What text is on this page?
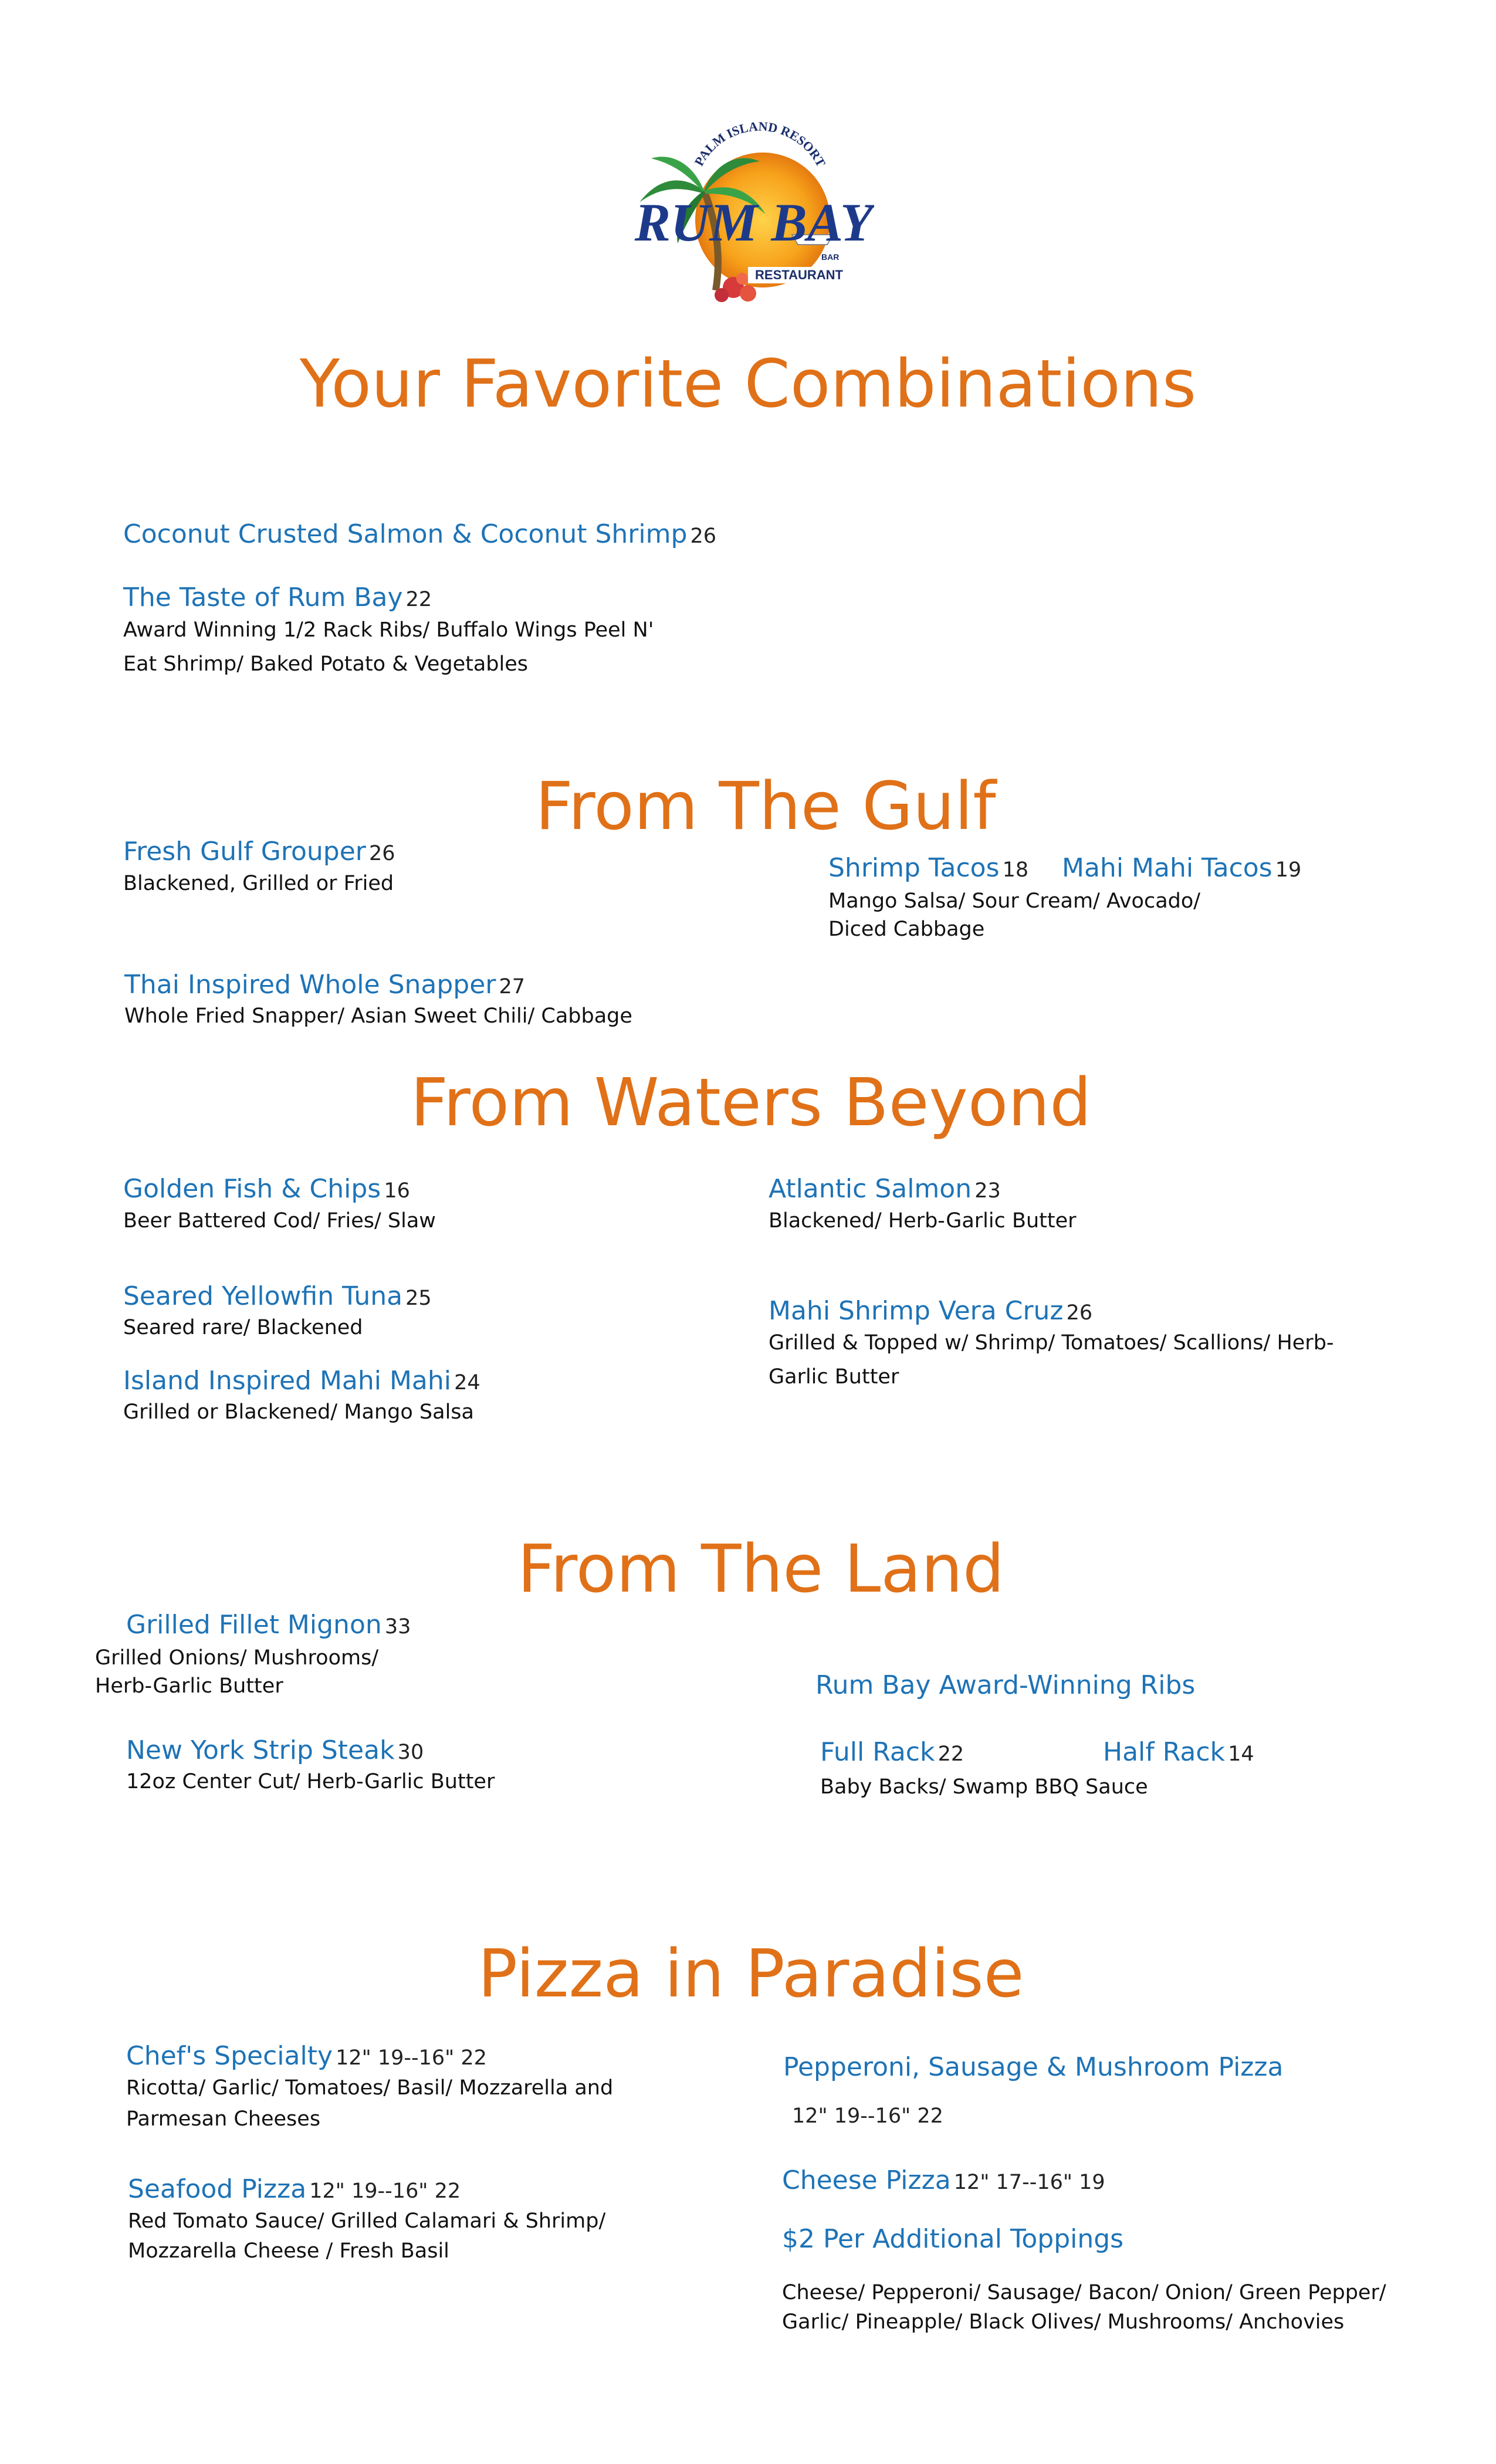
PALM ISLAND RESORT
RUM BAY
BAR
RESTAURANT
Your Favorite Combinations
Coconut Crusted Salmon & Coconut Shrimp 26
The Taste of Rum Bay 22
Award Winning 1/2 Rack Ribs/ Buffalo Wings Peel N'
Eat Shrimp/ Baked Potato & Vegetables
From The Gulf
Fresh Gulf Grouper 26
Blackened, Grilled or Fried
Shrimp Tacos 18 Mahi Mahi Tacos 19
Mango Salsa/ Sour Cream/ Avocado/
Diced Cabbage
Thai Inspired Whole Snapper 27
Whole Fried Snapper/ Asian Sweet Chili/ Cabbage
From Waters Beyond
Golden Fish & Chips 16
Beer Battered Cod/ Fries/ Slaw
Atlantic Salmon 23
Blackened/ Herb-Garlic Butter
Seared Yellowfin Tuna 25
Seared rare/ Blackened
Mahi Shrimp Vera Cruz 26
Grilled & Topped w/ Shrimp/ Tomatoes/ Scallions/ Herb-
Garlic Butter
Island Inspired Mahi Mahi 24
Grilled or Blackened/ Mango Salsa
From The Land
Grilled Fillet Mignon 33
Grilled Onions/ Mushrooms/
Herb-Garlic Butter	Rum Bay Award-Winning Ribs
New York Strip Steak 30
12oz Center Cut/ Herb-Garlic Butter
Full Rack 22	Half Rack 14
Baby Backs/ Swamp BBQ Sauce
Pizza in Paradise
Chef's Specialty 12" 19--16" 22
Ricotta/ Garlic/ Tomatoes/ Basil/ Mozzarella and
Parmesan Cheeses
Pepperoni, Sausage & Mushroom Pizza
12" 19--16" 22
Seafood Pizza 12" 19--16" 22
Red Tomato Sauce/ Grilled Calamari & Shrimp/
Mozzarella Cheese / Fresh Basil
Cheese Pizza 12" 17--16" 19
$2 Per Additional Toppings
Cheese/ Pepperoni/ Sausage/ Bacon/ Onion/ Green Pepper/
Garlic/ Pineapple/ Black Olives/ Mushrooms/ Anchovies
